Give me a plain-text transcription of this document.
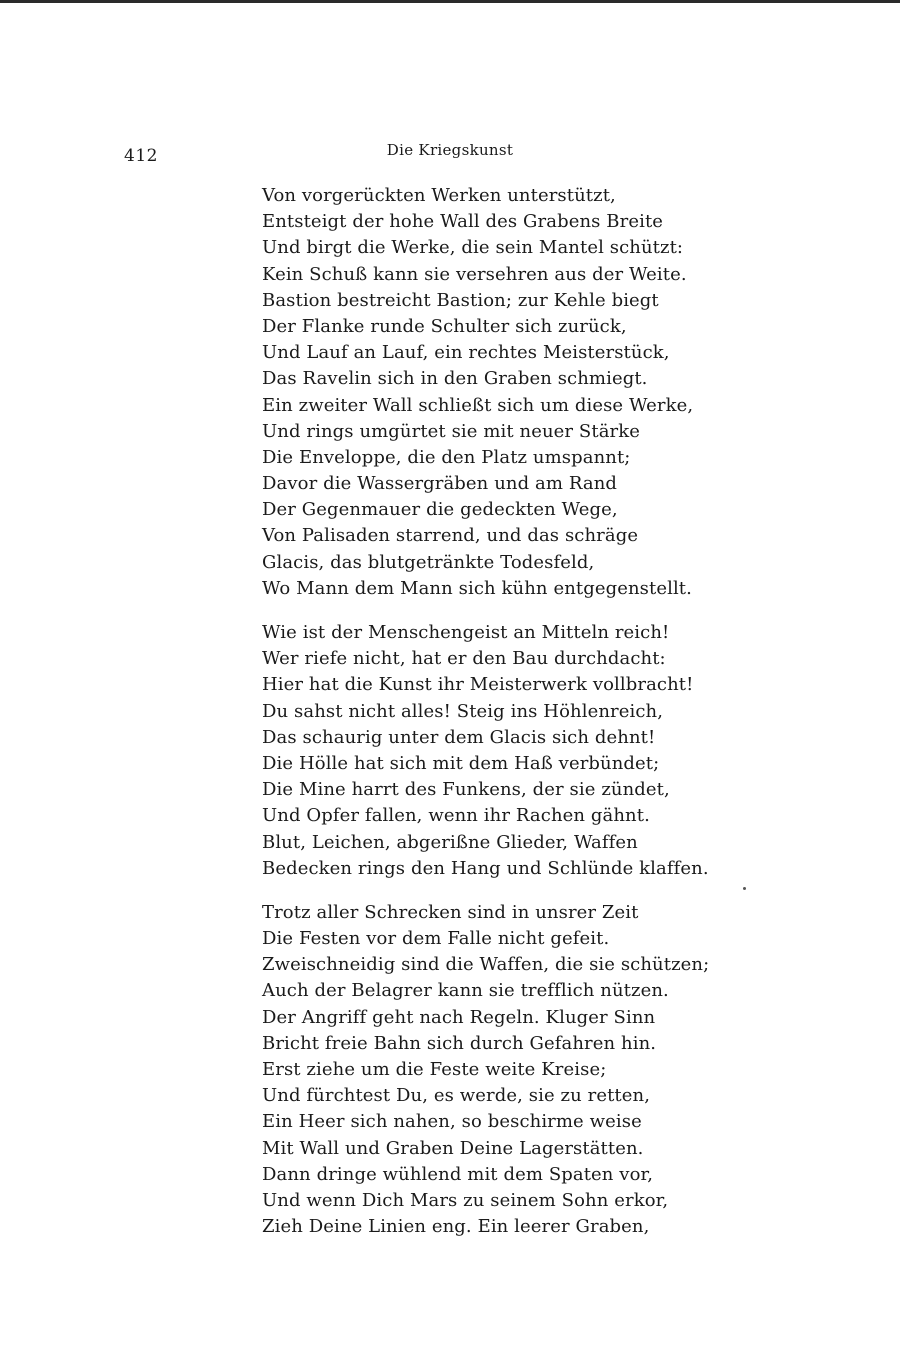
412	Die Kriegskunst
Von vorgerückten Werken unterstützt,
Entsteigt der hohe Wall des Grabens Breite
Und birgt die Werke, die sein Mantel schützt:
Kein Schuß kann sie versehren aus der Weite.
Bastion bestreicht Bastion; zur Kehle biegt
Der Flanke runde Schulter sich zurück,
Und Lauf an Lauf, ein rechtes Meisterstück,
Das Ravelin sich in den Graben schmiegt.
Ein zweiter Wall schließt sich um diese Werke,
Und rings umgürtet sie mit neuer Stärke
Die Enveloppe, die den Platz umspannt;
Davor die Wassergräben und am Rand
Der Gegenmauer die gedeckten Wege,
Von Palisaden starrend, und das schräge
Glacis, das blutgetränkte Todesfeld,
Wo Mann dem Mann sich kühn entgegenstellt.
Wie ist der Menschengeist an Mitteln reich!
Wer riefe nicht, hat er den Bau durchdacht:
Hier hat die Kunst ihr Meisterwerk vollbracht!
Du sahst nicht alles! Steig ins Höhlenreich,
Das schaurig unter dem Glacis sich dehnt!
Die Hölle hat sich mit dem Haß verbündet;
Die Mine harrt des Funkens, der sie zündet,
Und Opfer fallen, wenn ihr Rachen gähnt.
Blut, Leichen, abgerißne Glieder, Waffen
Bedecken rings den Hang und Schlünde klaffen.
Trotz aller Schrecken sind in unsrer Zeit
Die Festen vor dem Falle nicht gefeit.
Zweischneidig sind die Waffen, die sie schützen;
Auch der Belagrer kann sie trefflich nützen.
Der Angriff geht nach Regeln. Kluger Sinn
Bricht freie Bahn sich durch Gefahren hin.
Erst ziehe um die Feste weite Kreise;
Und fürchtest Du, es werde, sie zu retten,
Ein Heer sich nahen, so beschirme weise
Mit Wall und Graben Deine Lagerstätten.
Dann dringe wühlend mit dem Spaten vor,
Und wenn Dich Mars zu seinem Sohn erkor,
Zieh Deine Linien eng. Ein leerer Graben,
